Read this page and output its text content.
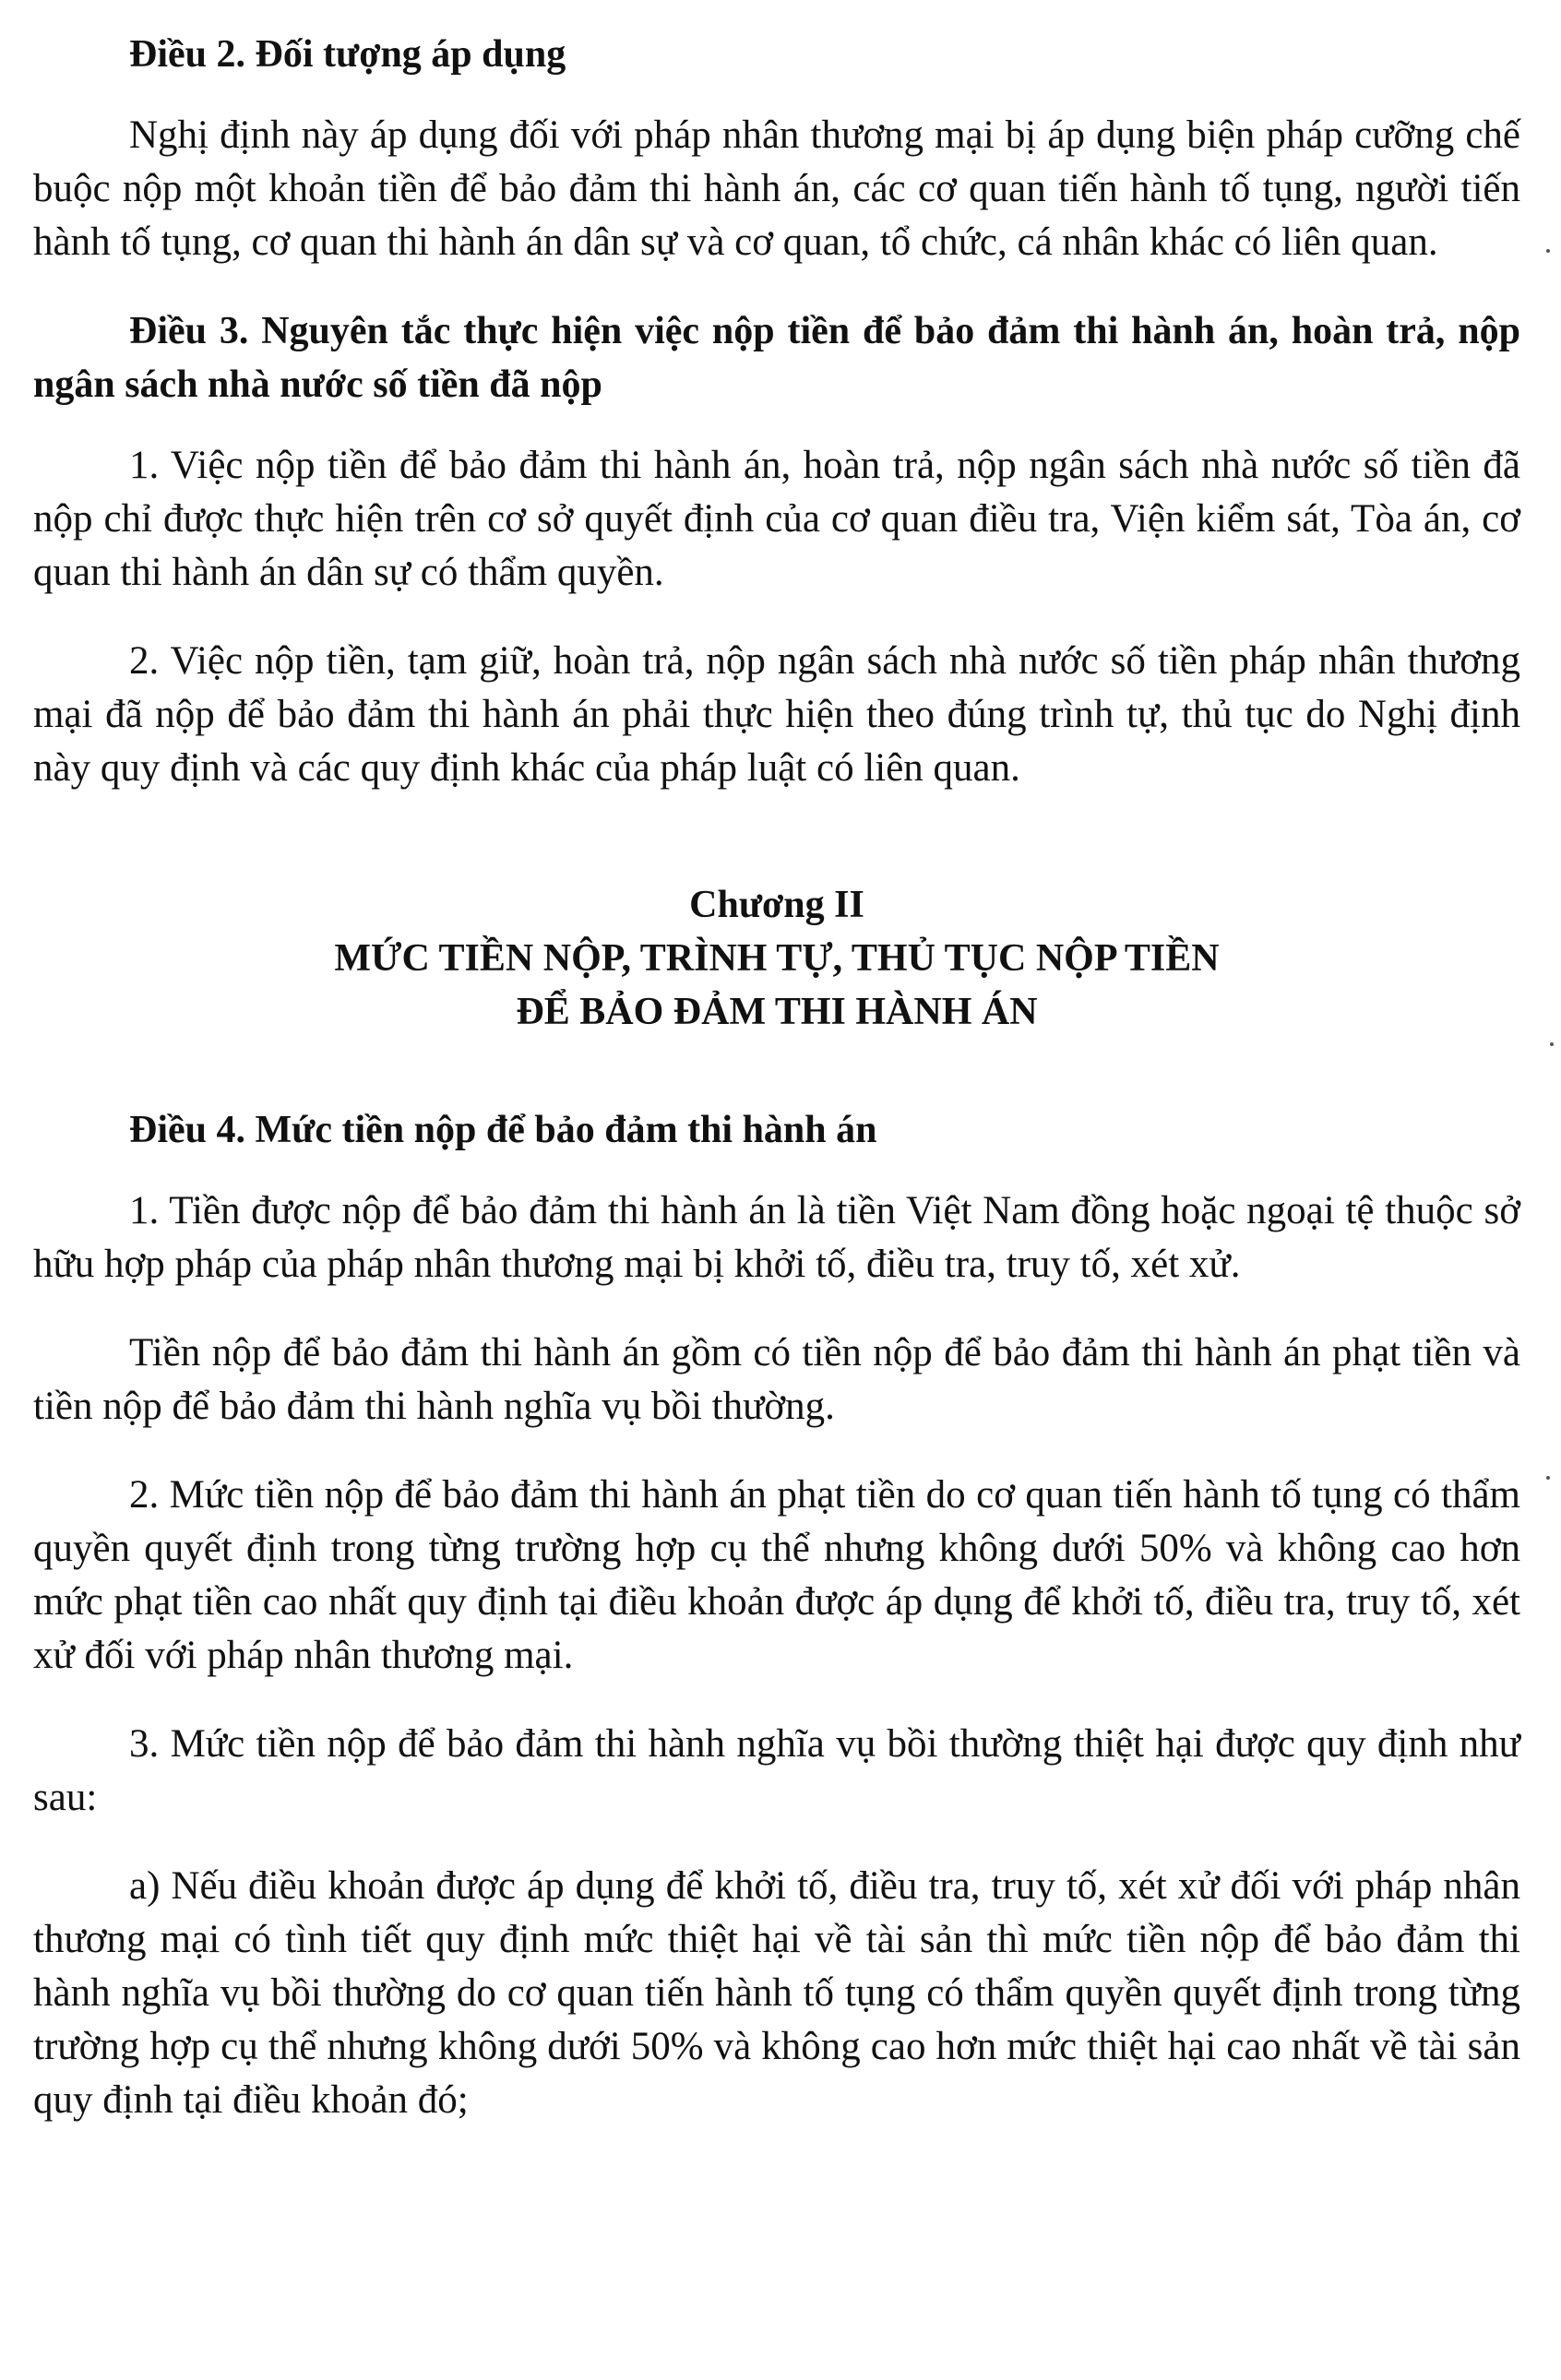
Điều 2. Đối tượng áp dụng

Nghị định này áp dụng đối với pháp nhân thương mại bị áp dụng biện pháp cưỡng chế buộc nộp một khoản tiền để bảo đảm thi hành án, các cơ quan tiến hành tố tụng, người tiến hành tố tụng, cơ quan thi hành án dân sự và cơ quan, tổ chức, cá nhân khác có liên quan.

Điều 3. Nguyên tắc thực hiện việc nộp tiền để bảo đảm thi hành án, hoàn trả, nộp ngân sách nhà nước số tiền đã nộp

1. Việc nộp tiền để bảo đảm thi hành án, hoàn trả, nộp ngân sách nhà nước số tiền đã nộp chỉ được thực hiện trên cơ sở quyết định của cơ quan điều tra, Viện kiểm sát, Tòa án, cơ quan thi hành án dân sự có thẩm quyền.

2. Việc nộp tiền, tạm giữ, hoàn trả, nộp ngân sách nhà nước số tiền pháp nhân thương mại đã nộp để bảo đảm thi hành án phải thực hiện theo đúng trình tự, thủ tục do Nghị định này quy định và các quy định khác của pháp luật có liên quan.

Chương II
MỨC TIỀN NỘP, TRÌNH TỰ, THỦ TỤC NỘP TIỀN
ĐỂ BẢO ĐẢM THI HÀNH ÁN
Điều 4. Mức tiền nộp để bảo đảm thi hành án

1. Tiền được nộp để bảo đảm thi hành án là tiền Việt Nam đồng hoặc ngoại tệ thuộc sở hữu hợp pháp của pháp nhân thương mại bị khởi tố, điều tra, truy tố, xét xử.

Tiền nộp để bảo đảm thi hành án gồm có tiền nộp để bảo đảm thi hành án phạt tiền và tiền nộp để bảo đảm thi hành nghĩa vụ bồi thường.

2. Mức tiền nộp để bảo đảm thi hành án phạt tiền do cơ quan tiến hành tố tụng có thẩm quyền quyết định trong từng trường hợp cụ thể nhưng không dưới 50% và không cao hơn mức phạt tiền cao nhất quy định tại điều khoản được áp dụng để khởi tố, điều tra, truy tố, xét xử đối với pháp nhân thương mại.

3. Mức tiền nộp để bảo đảm thi hành nghĩa vụ bồi thường thiệt hại được quy định như sau:

a) Nếu điều khoản được áp dụng để khởi tố, điều tra, truy tố, xét xử đối với pháp nhân thương mại có tình tiết quy định mức thiệt hại về tài sản thì mức tiền nộp để bảo đảm thi hành nghĩa vụ bồi thường do cơ quan tiến hành tố tụng có thẩm quyền quyết định trong từng trường hợp cụ thể nhưng không dưới 50% và không cao hơn mức thiệt hại cao nhất về tài sản quy định tại điều khoản đó;
